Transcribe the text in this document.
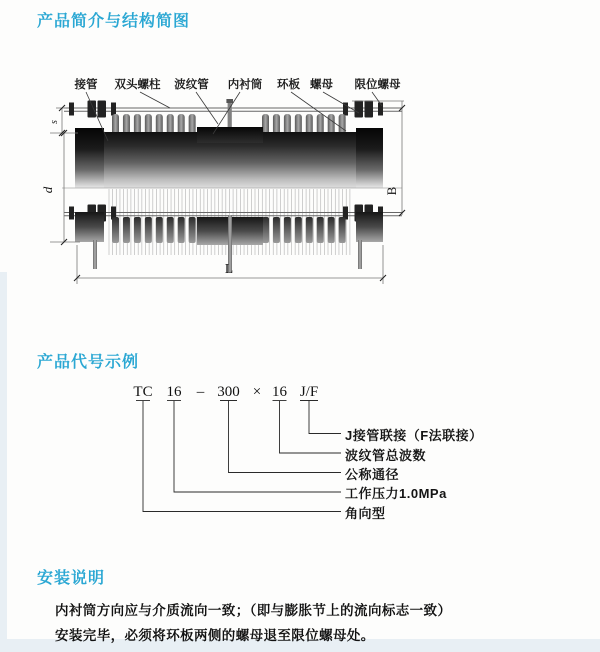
产品简介与结构简图
s
d	B
L
接管 双头螺柱 波纹管 内衬筒 环板 螺母 限位螺母
产品代号示例
TC 16 – 300 × 16 J/F
J接管联接（F法联接）
波纹管总波数
公称通径
工作压力1.0MPa
角向型
安装说明

内衬筒方向应与介质流向一致；（即与膨胀节上的流向标志一致）

安装完毕，必须将环板两侧的螺母退至限位螺母处。
